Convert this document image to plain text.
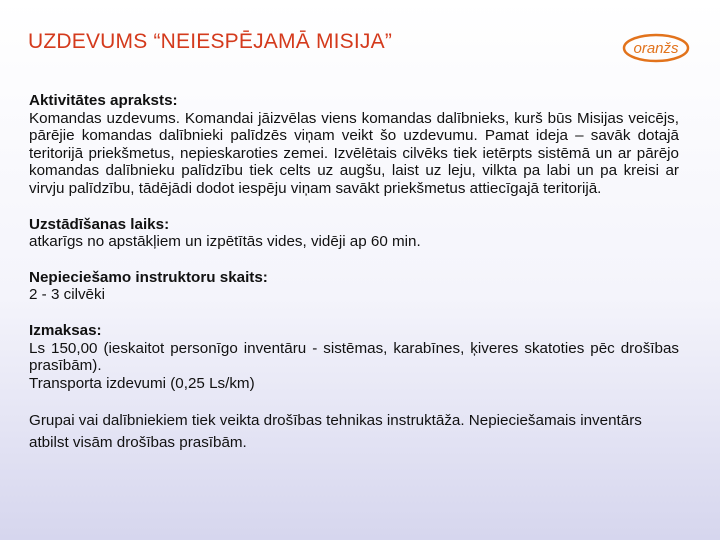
UZDEVUMS “NEIESPĒJAMĀ MISIJA”	oranžs
Aktivitātes apraksts:
Komandas uzdevums. Komandai jāizvēlas viens komandas dalībnieks, kurš būs Misijas veicējs, pārējie komandas dalībnieki palīdzēs viņam veikt šo uzdevumu. Pamat ideja – savāk dotajā teritorijā priekšmetus, nepieskaroties zemei. Izvēlētais cilvēks tiek ietērpts sistēmā un ar pārējo komandas dalībnieku palīdzību tiek celts uz augšu, laist uz leju, vilkta pa labi un pa kreisi ar virvju palīdzību, tādējādi dodot iespēju viņam savākt priekšmetus attiecīgajā teritorijā.
Uzstādīšanas laiks:
atkarīgs no apstākļiem un izpētītās vides, vidēji ap 60 min.
Nepieciešamo instruktoru skaits:
2 - 3 cilvēki
Izmaksas:
Ls 150,00 (ieskaitot personīgo inventāru - sistēmas, karabīnes, ķiveres skatoties pēc drošības prasībām).
Transporta izdevumi (0,25 Ls/km)
Grupai vai dalībniekiem tiek veikta drošības tehnikas instruktāža. Nepieciešamais inventārs atbilst visām drošības prasībām.
